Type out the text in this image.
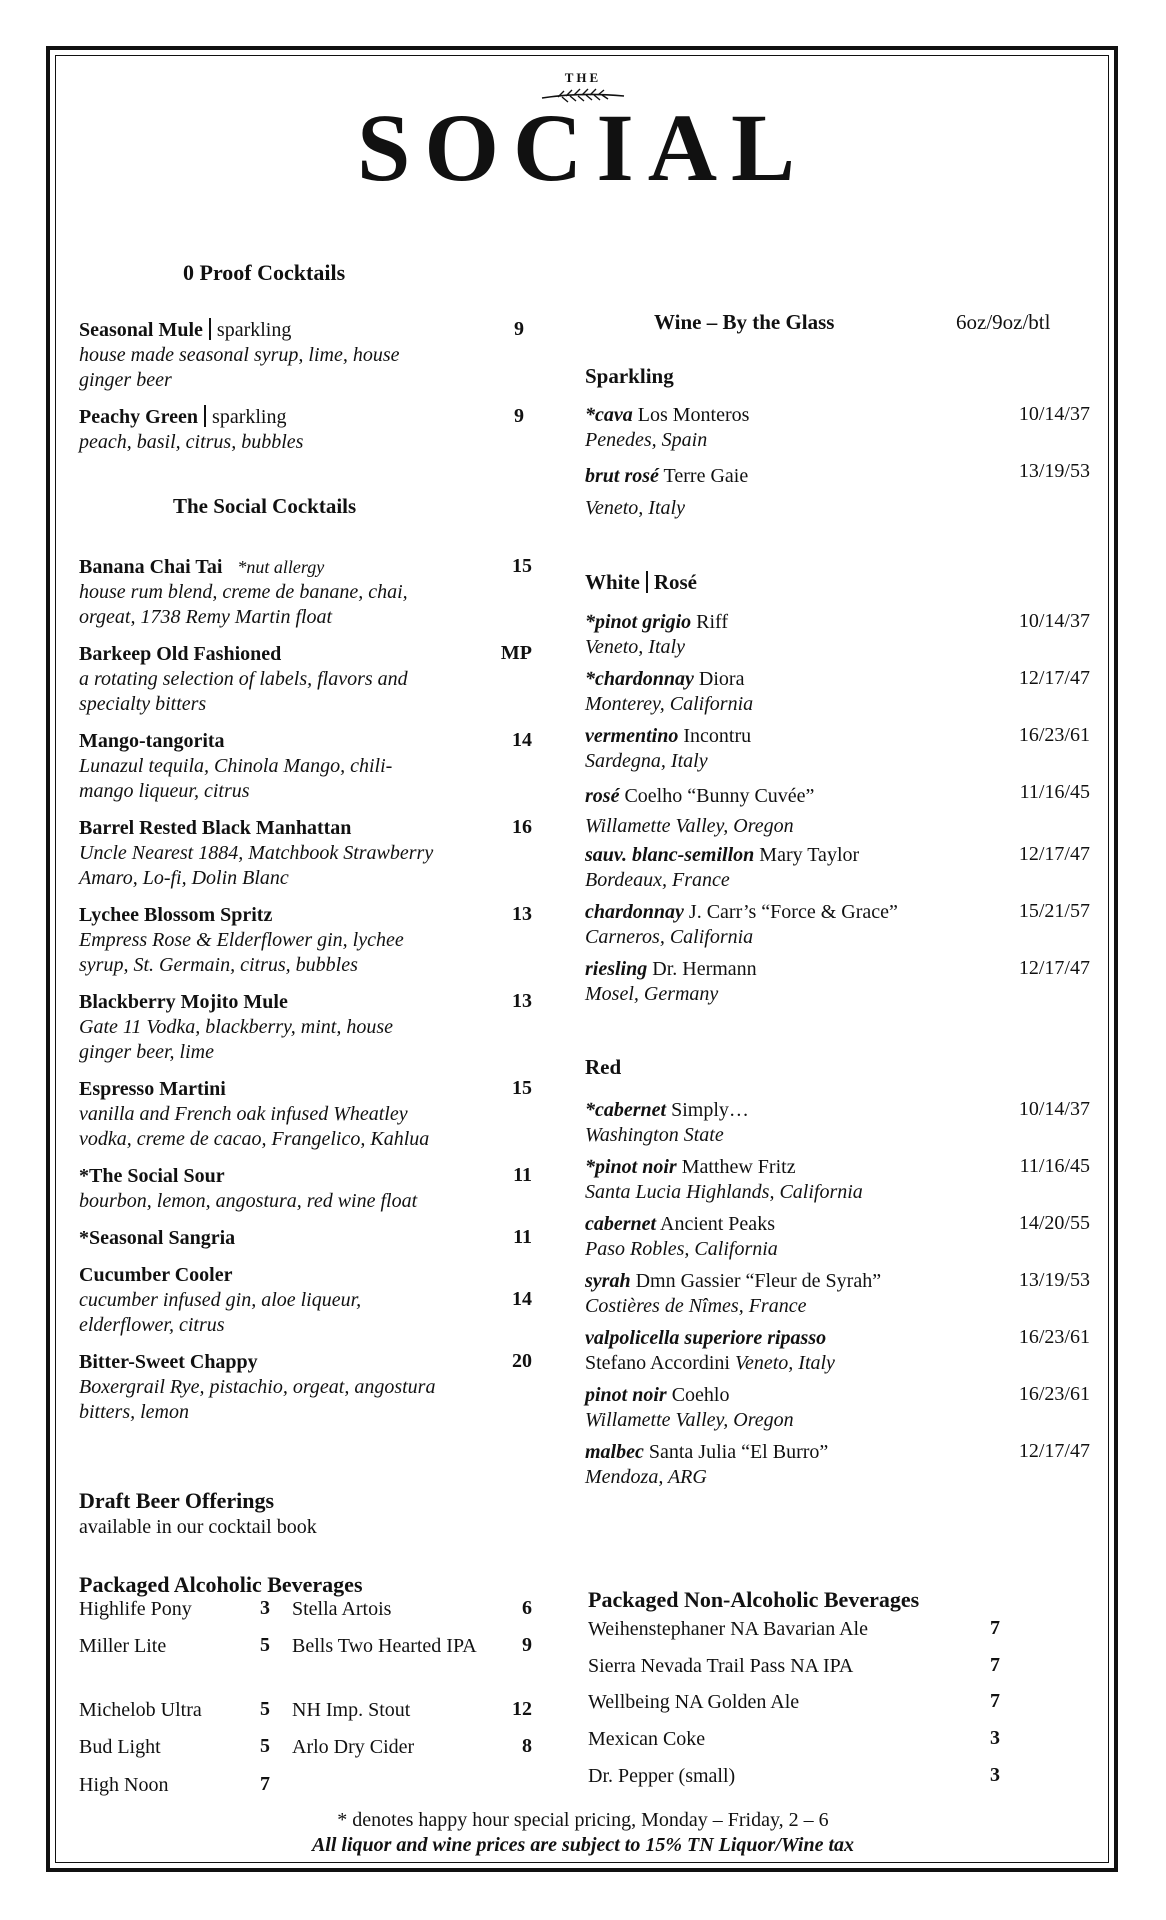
THE
SOCIAL
0 Proof Cocktails
Seasonal Mule sparkling
house made seasonal syrup, lime, house ginger beer
9
Peachy Green sparkling
peach, basil, citrus, bubbles
9
The Social Cocktails
Banana Chai Tai *nut allergy
house rum blend, creme de banane, chai, orgeat, 1738 Remy Martin float
15
Barkeep Old Fashioned
a rotating selection of labels, flavors and specialty bitters
MP
Mango-tangorita
Lunazul tequila, Chinola Mango, chili-mango liqueur, citrus
14
Barrel Rested Black Manhattan
Uncle Nearest 1884, Matchbook Strawberry Amaro, Lo-fi, Dolin Blanc
16
Lychee Blossom Spritz
Empress Rose & Elderflower gin, lychee syrup, St. Germain, citrus, bubbles
13
Blackberry Mojito Mule
Gate 11 Vodka, blackberry, mint, house ginger beer, lime
13
Espresso Martini
vanilla and French oak infused Wheatley vodka, creme de cacao, Frangelico, Kahlua
15
*The Social Sour
bourbon, lemon, angostura, red wine float
11
*Seasonal Sangria	11
Cucumber Cooler
cucumber infused gin, aloe liqueur, elderflower, citrus
14
Bitter-Sweet Chappy
Boxergrail Rye, pistachio, orgeat, angostura bitters, lemon
20
Draft Beer Offerings
available in our cocktail book
Packaged Alcoholic Beverages
Highlife Pony	3
Miller Lite	5
Michelob Ultra	5
Bud Light	5
High Noon	7
Stella Artois	6
Bells Two Hearted IPA	9
NH Imp. Stout	12
Arlo Dry Cider	8
Wine – By the Glass	6oz/9oz/btl
Sparkling
*cava Los Monteros
Penedes, Spain
10/14/37
brut rosé Terre Gaie
Veneto, Italy
13/19/53
White Rosé
*pinot grigio Riff
Veneto, Italy
10/14/37
*chardonnay Diora
Monterey, California
12/17/47
vermentino Incontru
Sardegna, Italy
16/23/61
rosé Coelho “Bunny Cuvée”
Willamette Valley, Oregon
11/16/45
sauv. blanc-semillon Mary Taylor
Bordeaux, France
12/17/47
chardonnay J. Carr’s “Force & Grace”
Carneros, California
15/21/57
riesling Dr. Hermann
Mosel, Germany
12/17/47
Red
*cabernet Simply…
Washington State
10/14/37
*pinot noir Matthew Fritz
Santa Lucia Highlands, California
11/16/45
cabernet Ancient Peaks
Paso Robles, California
14/20/55
syrah Dmn Gassier “Fleur de Syrah”
Costières de Nîmes, France
13/19/53
valpolicella superiore ripasso
Stefano Accordini Veneto, Italy
16/23/61
pinot noir Coehlo
Willamette Valley, Oregon
16/23/61
malbec Santa Julia “El Burro”
Mendoza, ARG
12/17/47
Packaged Non-Alcoholic Beverages
Weihenstephaner NA Bavarian Ale	7
Sierra Nevada Trail Pass NA IPA	7
Wellbeing NA Golden Ale	7
Mexican Coke	3
Dr. Pepper (small)	3
* denotes happy hour special pricing, Monday – Friday, 2 – 6
All liquor and wine prices are subject to 15% TN Liquor/Wine tax
